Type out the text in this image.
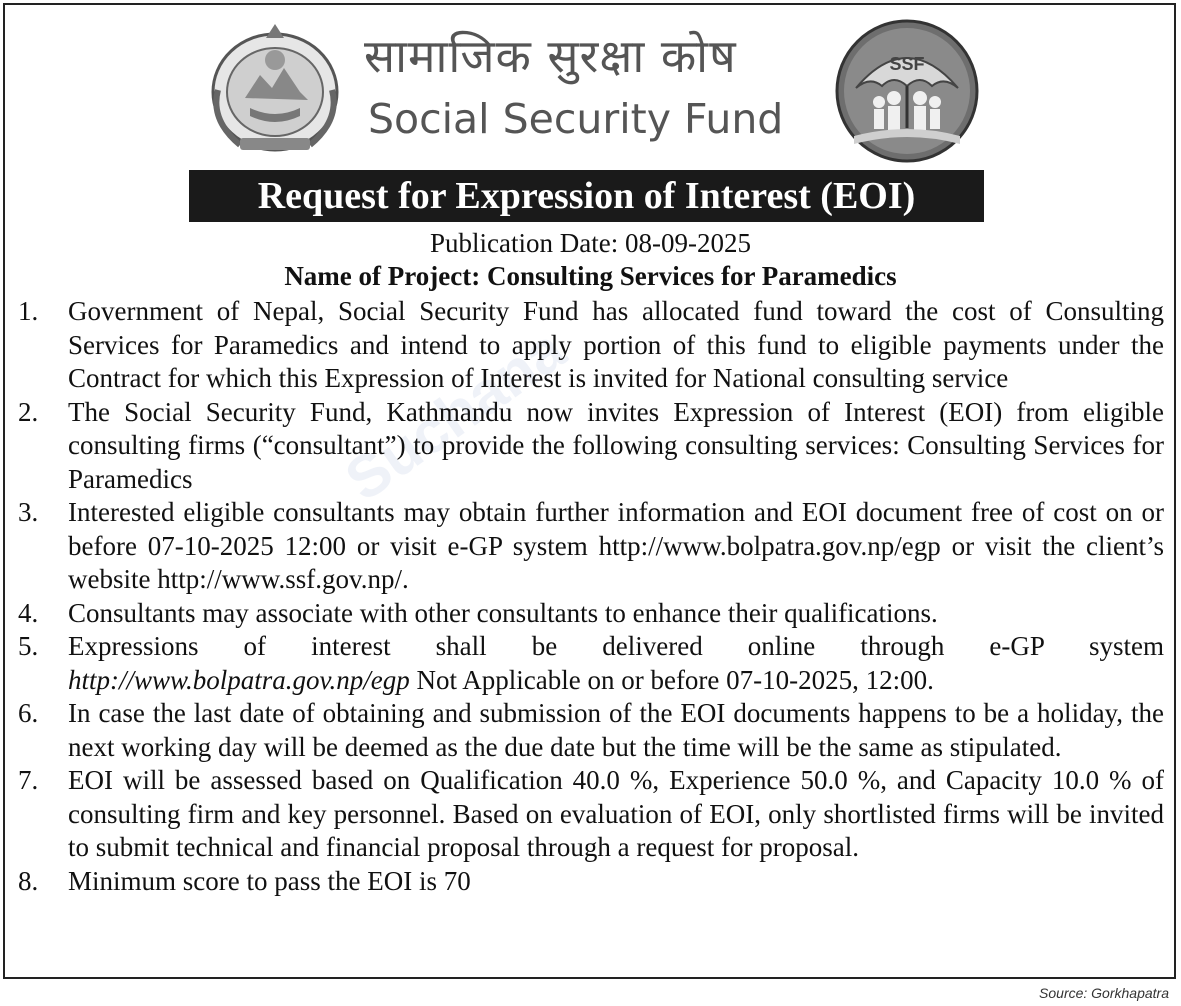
Suchana
सामाजिक सुरक्षा कोष
Social Security Fund
SSF
Request for Expression of Interest (EOI)
Publication Date: 08-09-2025
Name of Project: Consulting Services for Paramedics
1.	Government of Nepal, Social Security Fund has allocated fund toward the cost of Consulting Services for Paramedics and intend to apply portion of this fund to eligible payments under the Contract for which this Expression of Interest is invited for National consulting service
2.	The Social Security Fund, Kathmandu now invites Expression of Interest (EOI) from eligible consulting firms (“consultant”) to provide the following consulting services: Consulting Services for Paramedics
3.	Interested eligible consultants may obtain further information and EOI document free of cost on or before 07-10-2025 12:00 or visit e-GP system http://www.bolpatra.gov.np/egp or visit the client’s website http://www.ssf.gov.np/.
4.	Consultants may associate with other consultants to enhance their qualifications.
5.	Expressions of interest shall be delivered online through e-GP system http://www.bolpatra.gov.np/egp Not Applicable on or before 07-10-2025, 12:00.
6.	In case the last date of obtaining and submission of the EOI documents happens to be a holiday, the next working day will be deemed as the due date but the time will be the same as stipulated.
7.	EOI will be assessed based on Qualification 40.0 %, Experience 50.0 %, and Capacity 10.0 % of consulting firm and key personnel. Based on evaluation of EOI, only shortlisted firms will be invited to submit technical and financial proposal through a request for proposal.
8.	Minimum score to pass the EOI is 70
Source: Gorkhapatra
